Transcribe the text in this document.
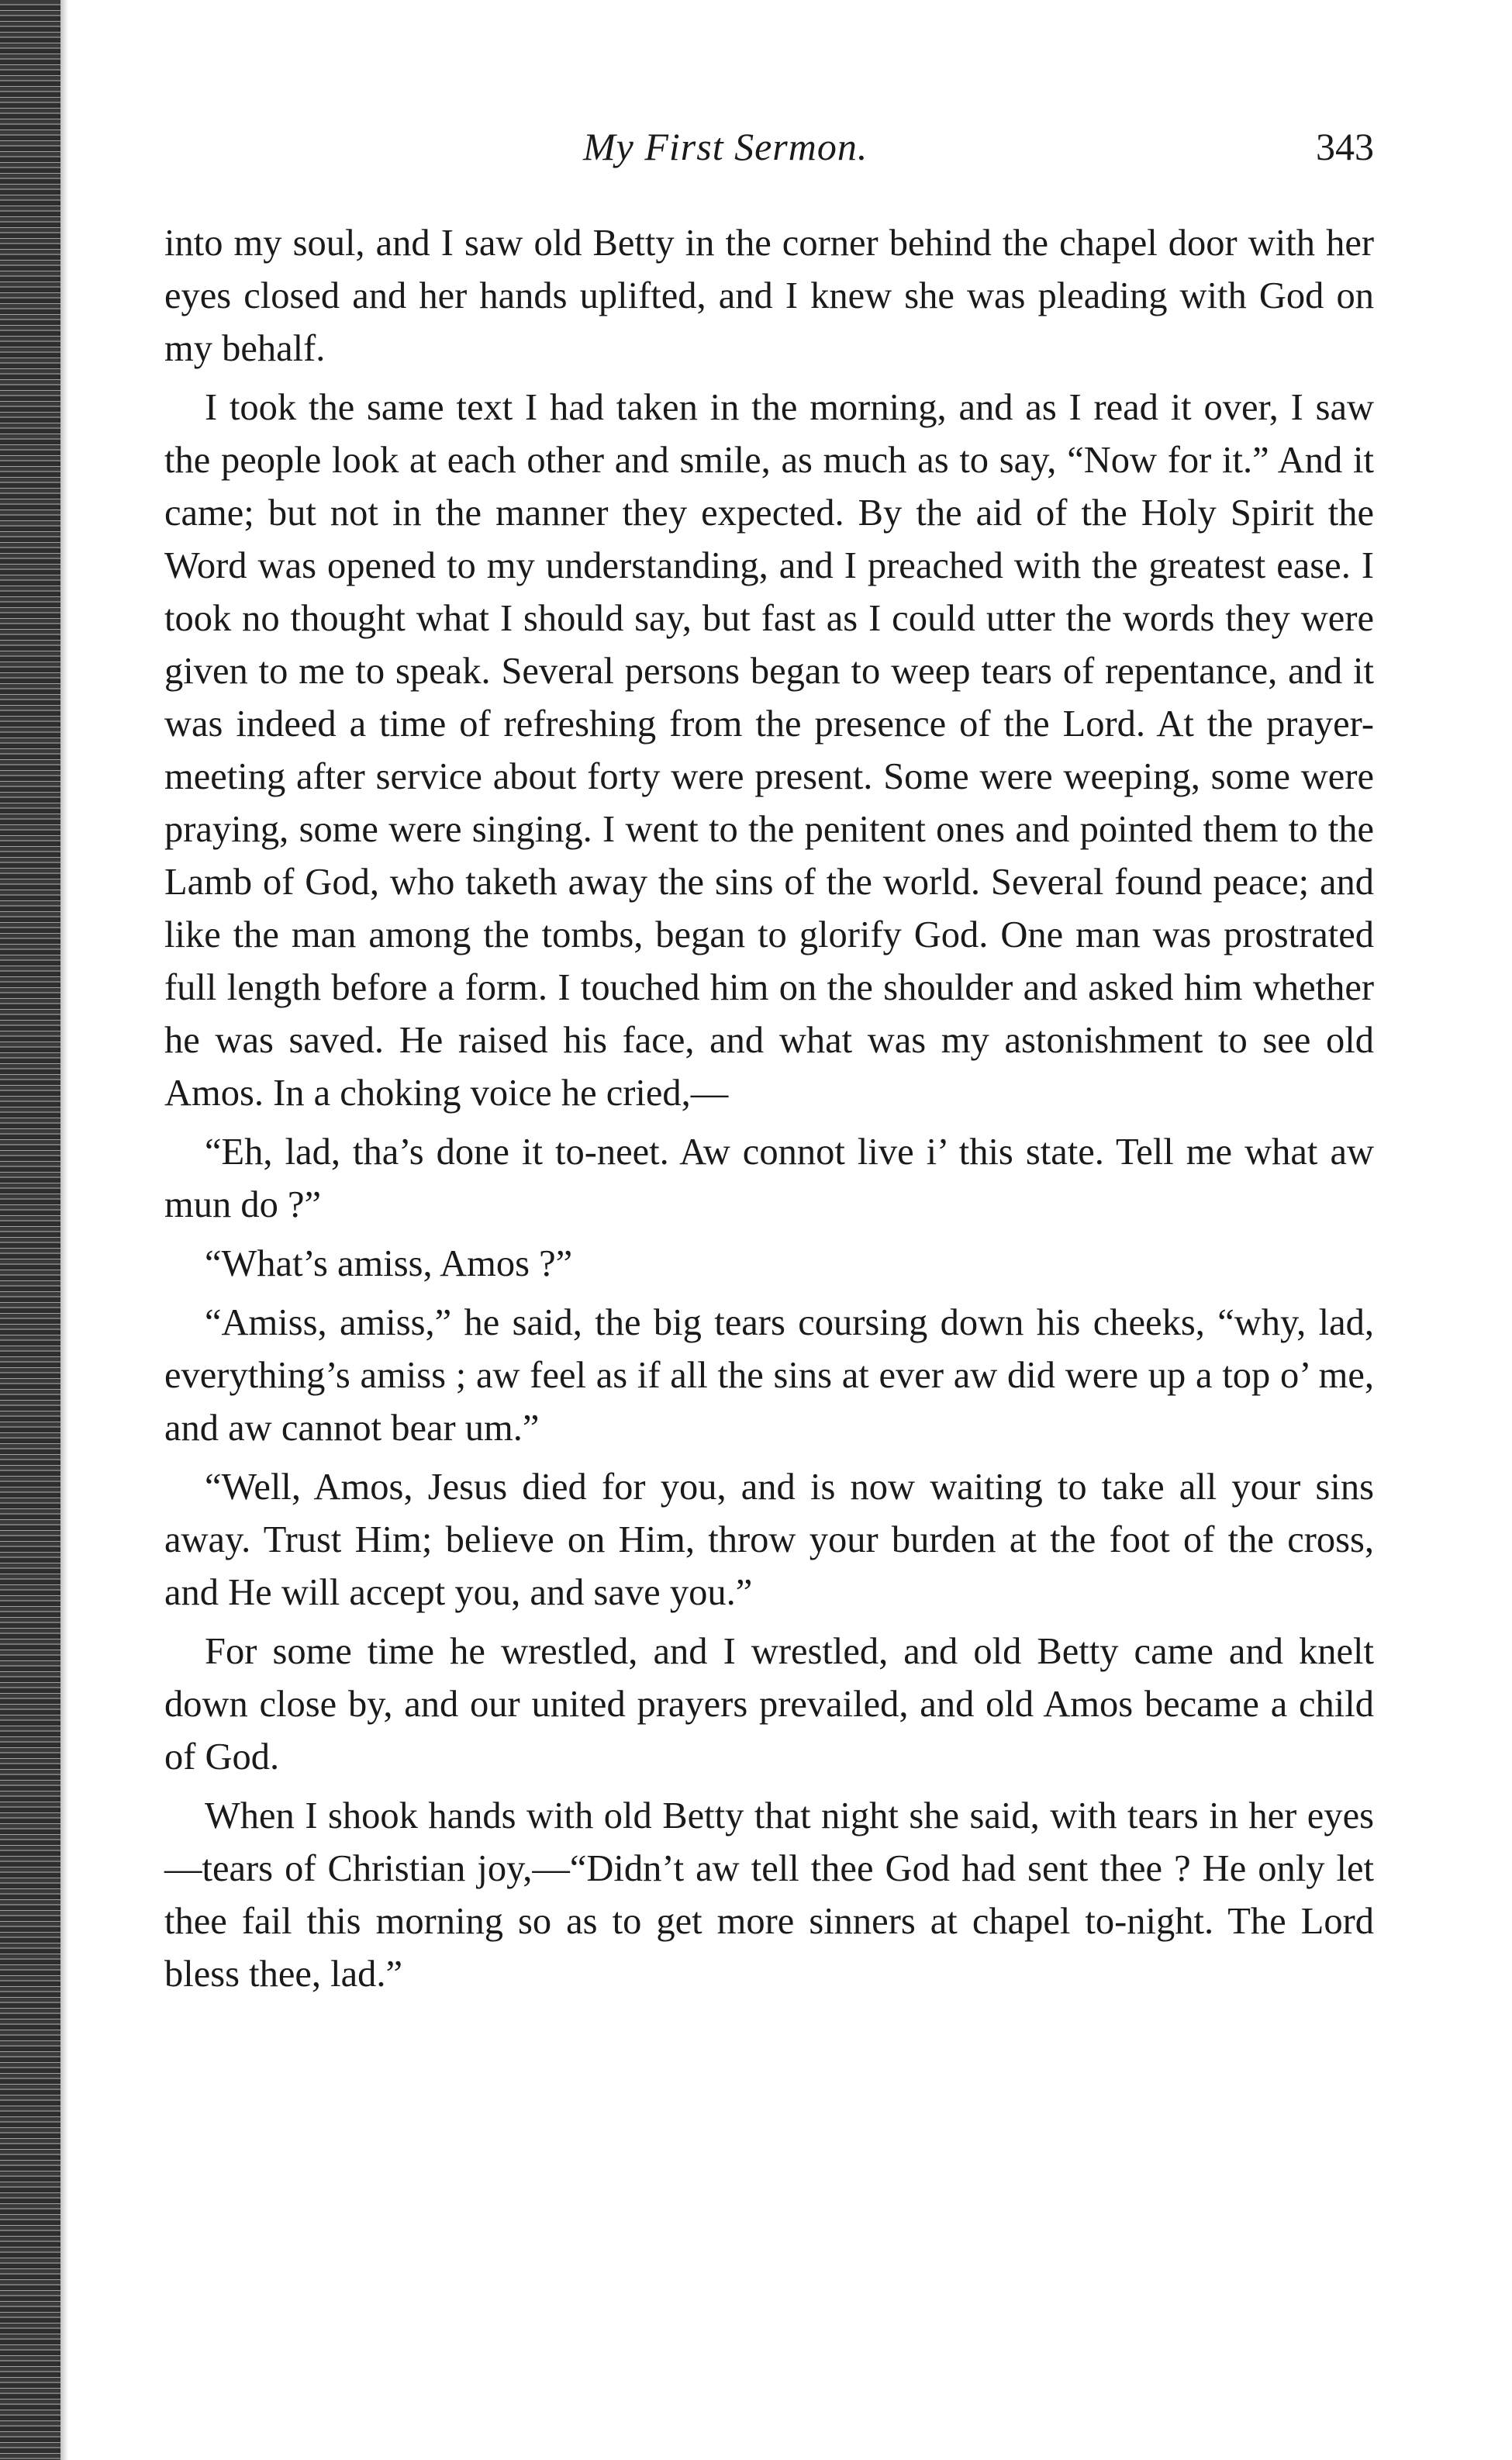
My First Sermon.	343

into my soul, and I saw old Betty in the corner behind the chapel door with her eyes closed and her hands uplifted, and I knew she was pleading with God on my behalf.

I took the same text I had taken in the morning, and as I read it over, I saw the people look at each other and smile, as much as to say, “Now for it.” And it came; but not in the manner they expected. By the aid of the Holy Spirit the Word was opened to my understanding, and I preached with the greatest ease. I took no thought what I should say, but fast as I could utter the words they were given to me to speak. Several persons began to weep tears of repentance, and it was indeed a time of refreshing from the presence of the Lord. At the prayer-meeting after service about forty were present. Some were weeping, some were praying, some were singing. I went to the penitent ones and pointed them to the Lamb of God, who taketh away the sins of the world. Several found peace; and like the man among the tombs, began to glorify God. One man was prostrated full length before a form. I touched him on the shoulder and asked him whether he was saved. He raised his face, and what was my astonishment to see old Amos. In a choking voice he cried,—

“Eh, lad, tha’s done it to-neet. Aw connot live i’ this state. Tell me what aw mun do ?”

“What’s amiss, Amos ?”

“Amiss, amiss,” he said, the big tears coursing down his cheeks, “why, lad, everything’s amiss ; aw feel as if all the sins at ever aw did were up a top o’ me, and aw cannot bear um.”

“Well, Amos, Jesus died for you, and is now waiting to take all your sins away. Trust Him; believe on Him, throw your burden at the foot of the cross, and He will accept you, and save you.”

For some time he wrestled, and I wrestled, and old Betty came and knelt down close by, and our united prayers prevailed, and old Amos became a child of God.

When I shook hands with old Betty that night she said, with tears in her eyes—tears of Christian joy,—“Didn’t aw tell thee God had sent thee ? He only let thee fail this morning so as to get more sinners at chapel to-night. The Lord bless thee, lad.”
